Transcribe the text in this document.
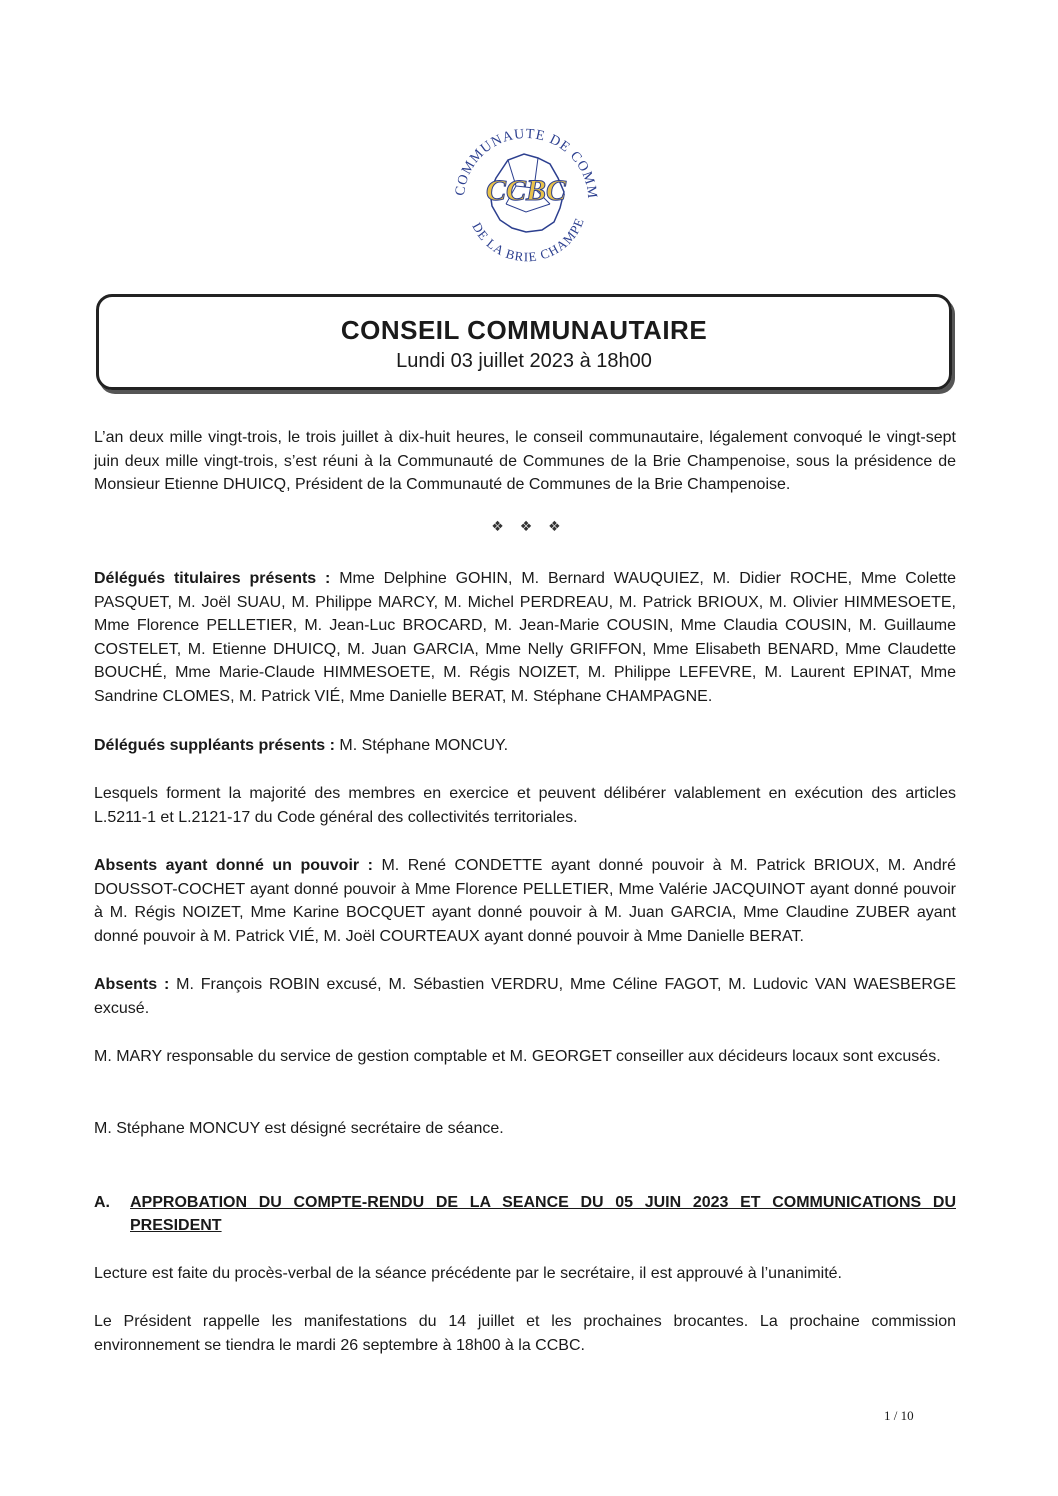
COMMUNAUTE DE COMM
DE LA BRIE CHAMPE
CCBC
CONSEIL COMMUNAUTAIRE
Lundi 03 juillet 2023 à 18h00

L’an deux mille vingt-trois, le trois juillet à dix-huit heures, le conseil communautaire, légalement convoqué le vingt-sept juin deux mille vingt-trois, s’est réuni à la Communauté de Communes de la Brie Champenoise, sous la présidence de Monsieur Etienne DHUICQ, Président de la Communauté de Communes de la Brie Champenoise.

❖ ❖ ❖

Délégués titulaires présents : Mme Delphine GOHIN, M. Bernard WAUQUIEZ, M. Didier ROCHE, Mme Colette PASQUET, M. Joël SUAU, M. Philippe MARCY, M. Michel PERDREAU, M. Patrick BRIOUX, M. Olivier HIMMESOETE, Mme Florence PELLETIER, M. Jean-Luc BROCARD, M. Jean-Marie COUSIN, Mme Claudia COUSIN, M. Guillaume COSTELET, M. Etienne DHUICQ, M. Juan GARCIA, Mme Nelly GRIFFON, Mme Elisabeth BENARD, Mme Claudette BOUCHÉ, Mme Marie-Claude HIMMESOETE, M. Régis NOIZET, M. Philippe LEFEVRE, M. Laurent EPINAT, Mme Sandrine CLOMES, M. Patrick VIÉ, Mme Danielle BERAT, M. Stéphane CHAMPAGNE.

Délégués suppléants présents : M. Stéphane MONCUY.

Lesquels forment la majorité des membres en exercice et peuvent délibérer valablement en exécution des articles L.5211-1 et L.2121-17 du Code général des collectivités territoriales.

Absents ayant donné un pouvoir : M. René CONDETTE ayant donné pouvoir à M. Patrick BRIOUX, M. André DOUSSOT-COCHET ayant donné pouvoir à Mme Florence PELLETIER, Mme Valérie JACQUINOT ayant donné pouvoir à M. Régis NOIZET, Mme Karine BOCQUET ayant donné pouvoir à M. Juan GARCIA, Mme Claudine ZUBER ayant donné pouvoir à M. Patrick VIÉ, M. Joël COURTEAUX ayant donné pouvoir à Mme Danielle BERAT.

Absents : M. François ROBIN excusé, M. Sébastien VERDRU, Mme Céline FAGOT, M. Ludovic VAN WAESBERGE excusé.

M. MARY responsable du service de gestion comptable et M. GEORGET conseiller aux décideurs locaux sont excusés.

M. Stéphane MONCUY est désigné secrétaire de séance.

A.	APPROBATION DU COMPTE-RENDU DE LA SEANCE DU 05 JUIN 2023 ET COMMUNICATIONS DU PRESIDENT

Lecture est faite du procès-verbal de la séance précédente par le secrétaire, il est approuvé à l’unanimité.

Le Président rappelle les manifestations du 14 juillet et les prochaines brocantes. La prochaine commission environnement se tiendra le mardi 26 septembre à 18h00 à la CCBC.

1 / 10
